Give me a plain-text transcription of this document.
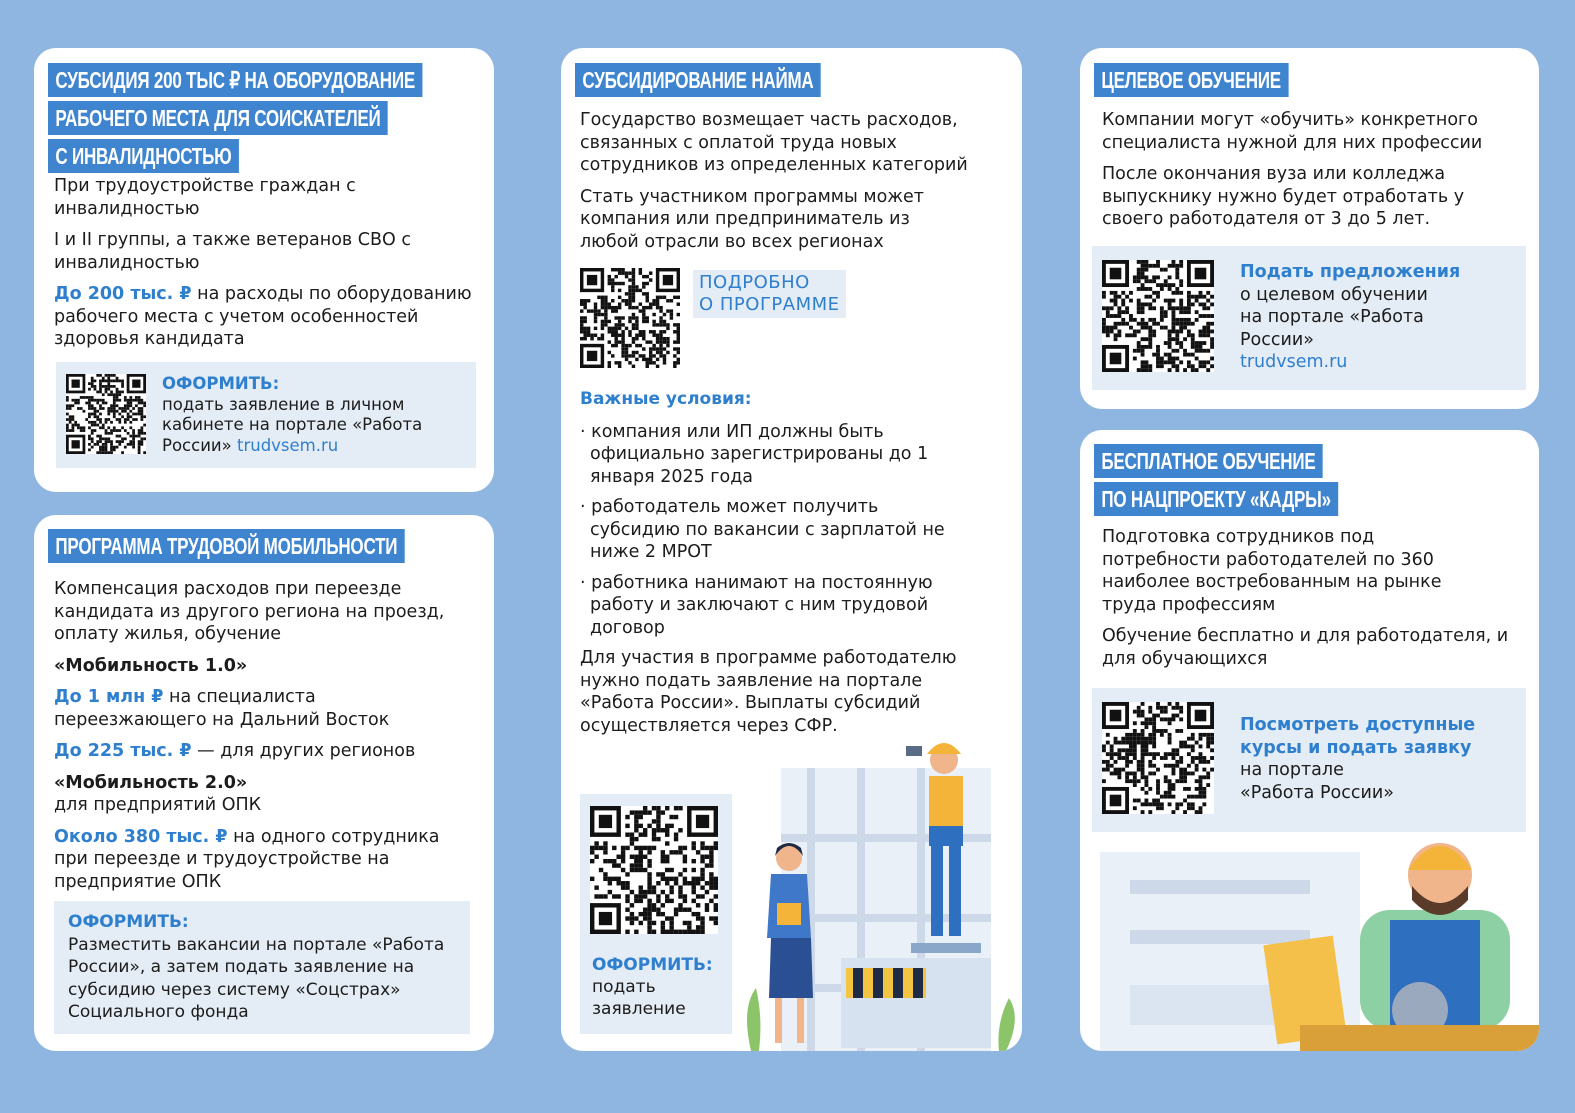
СУБСИДИЯ 200 ТЫС ₽ НА ОБОРУДОВАНИЕ
РАБОЧЕГО МЕСТА ДЛЯ СОИСКАТЕЛЕЙ
С ИНВАЛИДНОСТЬЮ

При трудоустройстве граждан с инвалидностью

I и II группы, а также ветеранов СВО с инвалидностью

До 200 тыс. ₽ на расходы по оборудованию рабочего места с учетом особенностей здоровья кандидата

ОФОРМИТЬ:
подать заявление в личном кабинете на портале «Работа России» trudvsem.ru
ПРОГРАММА ТРУДОВОЙ МОБИЛЬНОСТИ

Компенсация расходов при переезде кандидата из другого региона на проезд, оплату жилья, обучение

«Мобильность 1.0»

До 1 млн ₽ на специалиста переезжающего на Дальний Восток

До 225 тыс. ₽ — для других регионов

«Мобильность 2.0»
для предприятий ОПК

Около 380 тыс. ₽ на одного сотрудника при переезде и трудоустройстве на предприятие ОПК

ОФОРМИТЬ:
Разместить вакансии на портале «Работа России», а затем подать заявление на субсидию через систему «Соцстрах» Социального фонда
СУБСИДИРОВАНИЕ НАЙМА

Государство возмещает часть расходов, связанных с оплатой труда новых сотрудников из определенных категорий

Стать участником программы может компания или предприниматель из любой отрасли во всех регионах

ПОДРОБНО
О ПРОГРАММЕ
Важные условия:

· компания или ИП должны быть официально зарегистрированы до 1 января 2025 года

· работодатель может получить субсидию по вакансии с зарплатой не ниже 2 МРОТ

· работника нанимают на постоянную работу и заключают с ним трудовой договор

Для участия в программе работодателю нужно подать заявление на портале «Работа России». Выплаты субсидий осуществляется через СФР.

ОФОРМИТЬ:
подать заявление
ЦЕЛЕВОЕ ОБУЧЕНИЕ

Компании могут «обучить» конкретного специалиста нужной для них профессии

После окончания вуза или колледжа выпускнику нужно будет отработать у своего работодателя от 3 до 5 лет.

Подать предложения
о целевом обучении на портале «Работа России»
trudvsem.ru
БЕСПЛАТНОЕ ОБУЧЕНИЕ
ПО НАЦПРОЕКТУ «КАДРЫ»

Подготовка сотрудников под потребности работодателей по 360 наиболее востребованным на рынке труда профессиям

Обучение бесплатно и для работодателя, и для обучающихся

Посмотреть доступные курсы и подать заявку
на портале «Работа России»
